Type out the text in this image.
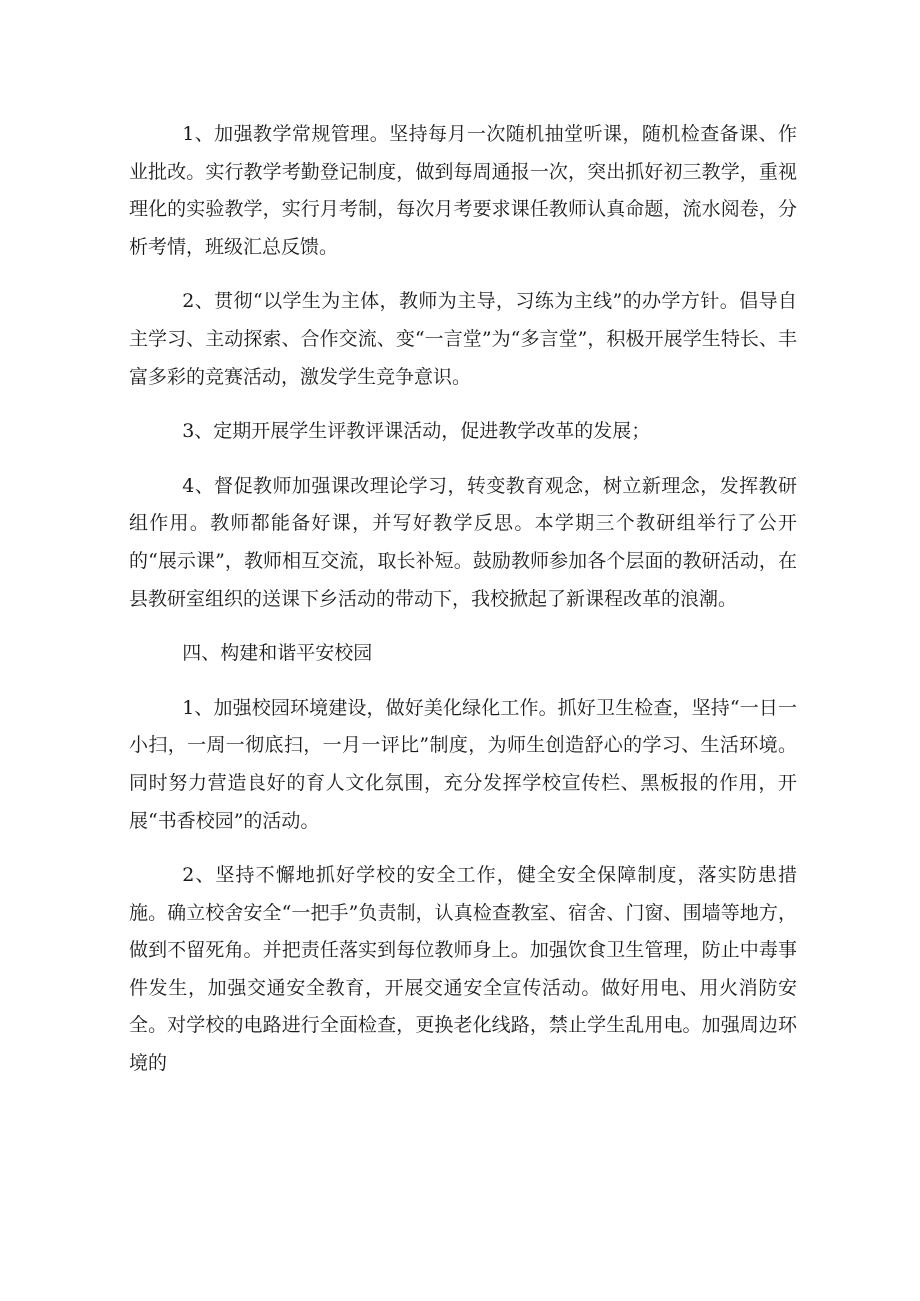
1、加强教学常规管理。坚持每月一次随机抽堂听课，随机检查备课、作业批改。实行教学考勤登记制度，做到每周通报一次，突出抓好初三教学，重视理化的实验教学，实行月考制，每次月考要求课任教师认真命题，流水阅卷，分析考情，班级汇总反馈。

2、贯彻“以学生为主体，教师为主导，习练为主线”的办学方针。倡导自主学习、主动探索、合作交流、变“一言堂”为“多言堂”，积极开展学生特长、丰富多彩的竞赛活动，激发学生竞争意识。

3、定期开展学生评教评课活动，促进教学改革的发展；

4、督促教师加强课改理论学习，转变教育观念，树立新理念，发挥教研组作用。教师都能备好课，并写好教学反思。本学期三个教研组举行了公开的“展示课”，教师相互交流，取长补短。鼓励教师参加各个层面的教研活动，在县教研室组织的送课下乡活动的带动下，我校掀起了新课程改革的浪潮。

四、构建和谐平安校园

1、加强校园环境建设，做好美化绿化工作。抓好卫生检查，坚持“一日一小扫，一周一彻底扫，一月一评比”制度，为师生创造舒心的学习、生活环境。同时努力营造良好的育人文化氛围，充分发挥学校宣传栏、黑板报的作用，开展“书香校园”的活动。

2、坚持不懈地抓好学校的安全工作，健全安全保障制度，落实防患措施。确立校舍安全“一把手”负责制，认真检查教室、宿舍、门窗、围墙等地方，做到不留死角。并把责任落实到每位教师身上。加强饮食卫生管理，防止中毒事件发生，加强交通安全教育，开展交通安全宣传活动。做好用电、用火消防安全。对学校的电路进行全面检查，更换老化线路，禁止学生乱用电。加强周边环境的
